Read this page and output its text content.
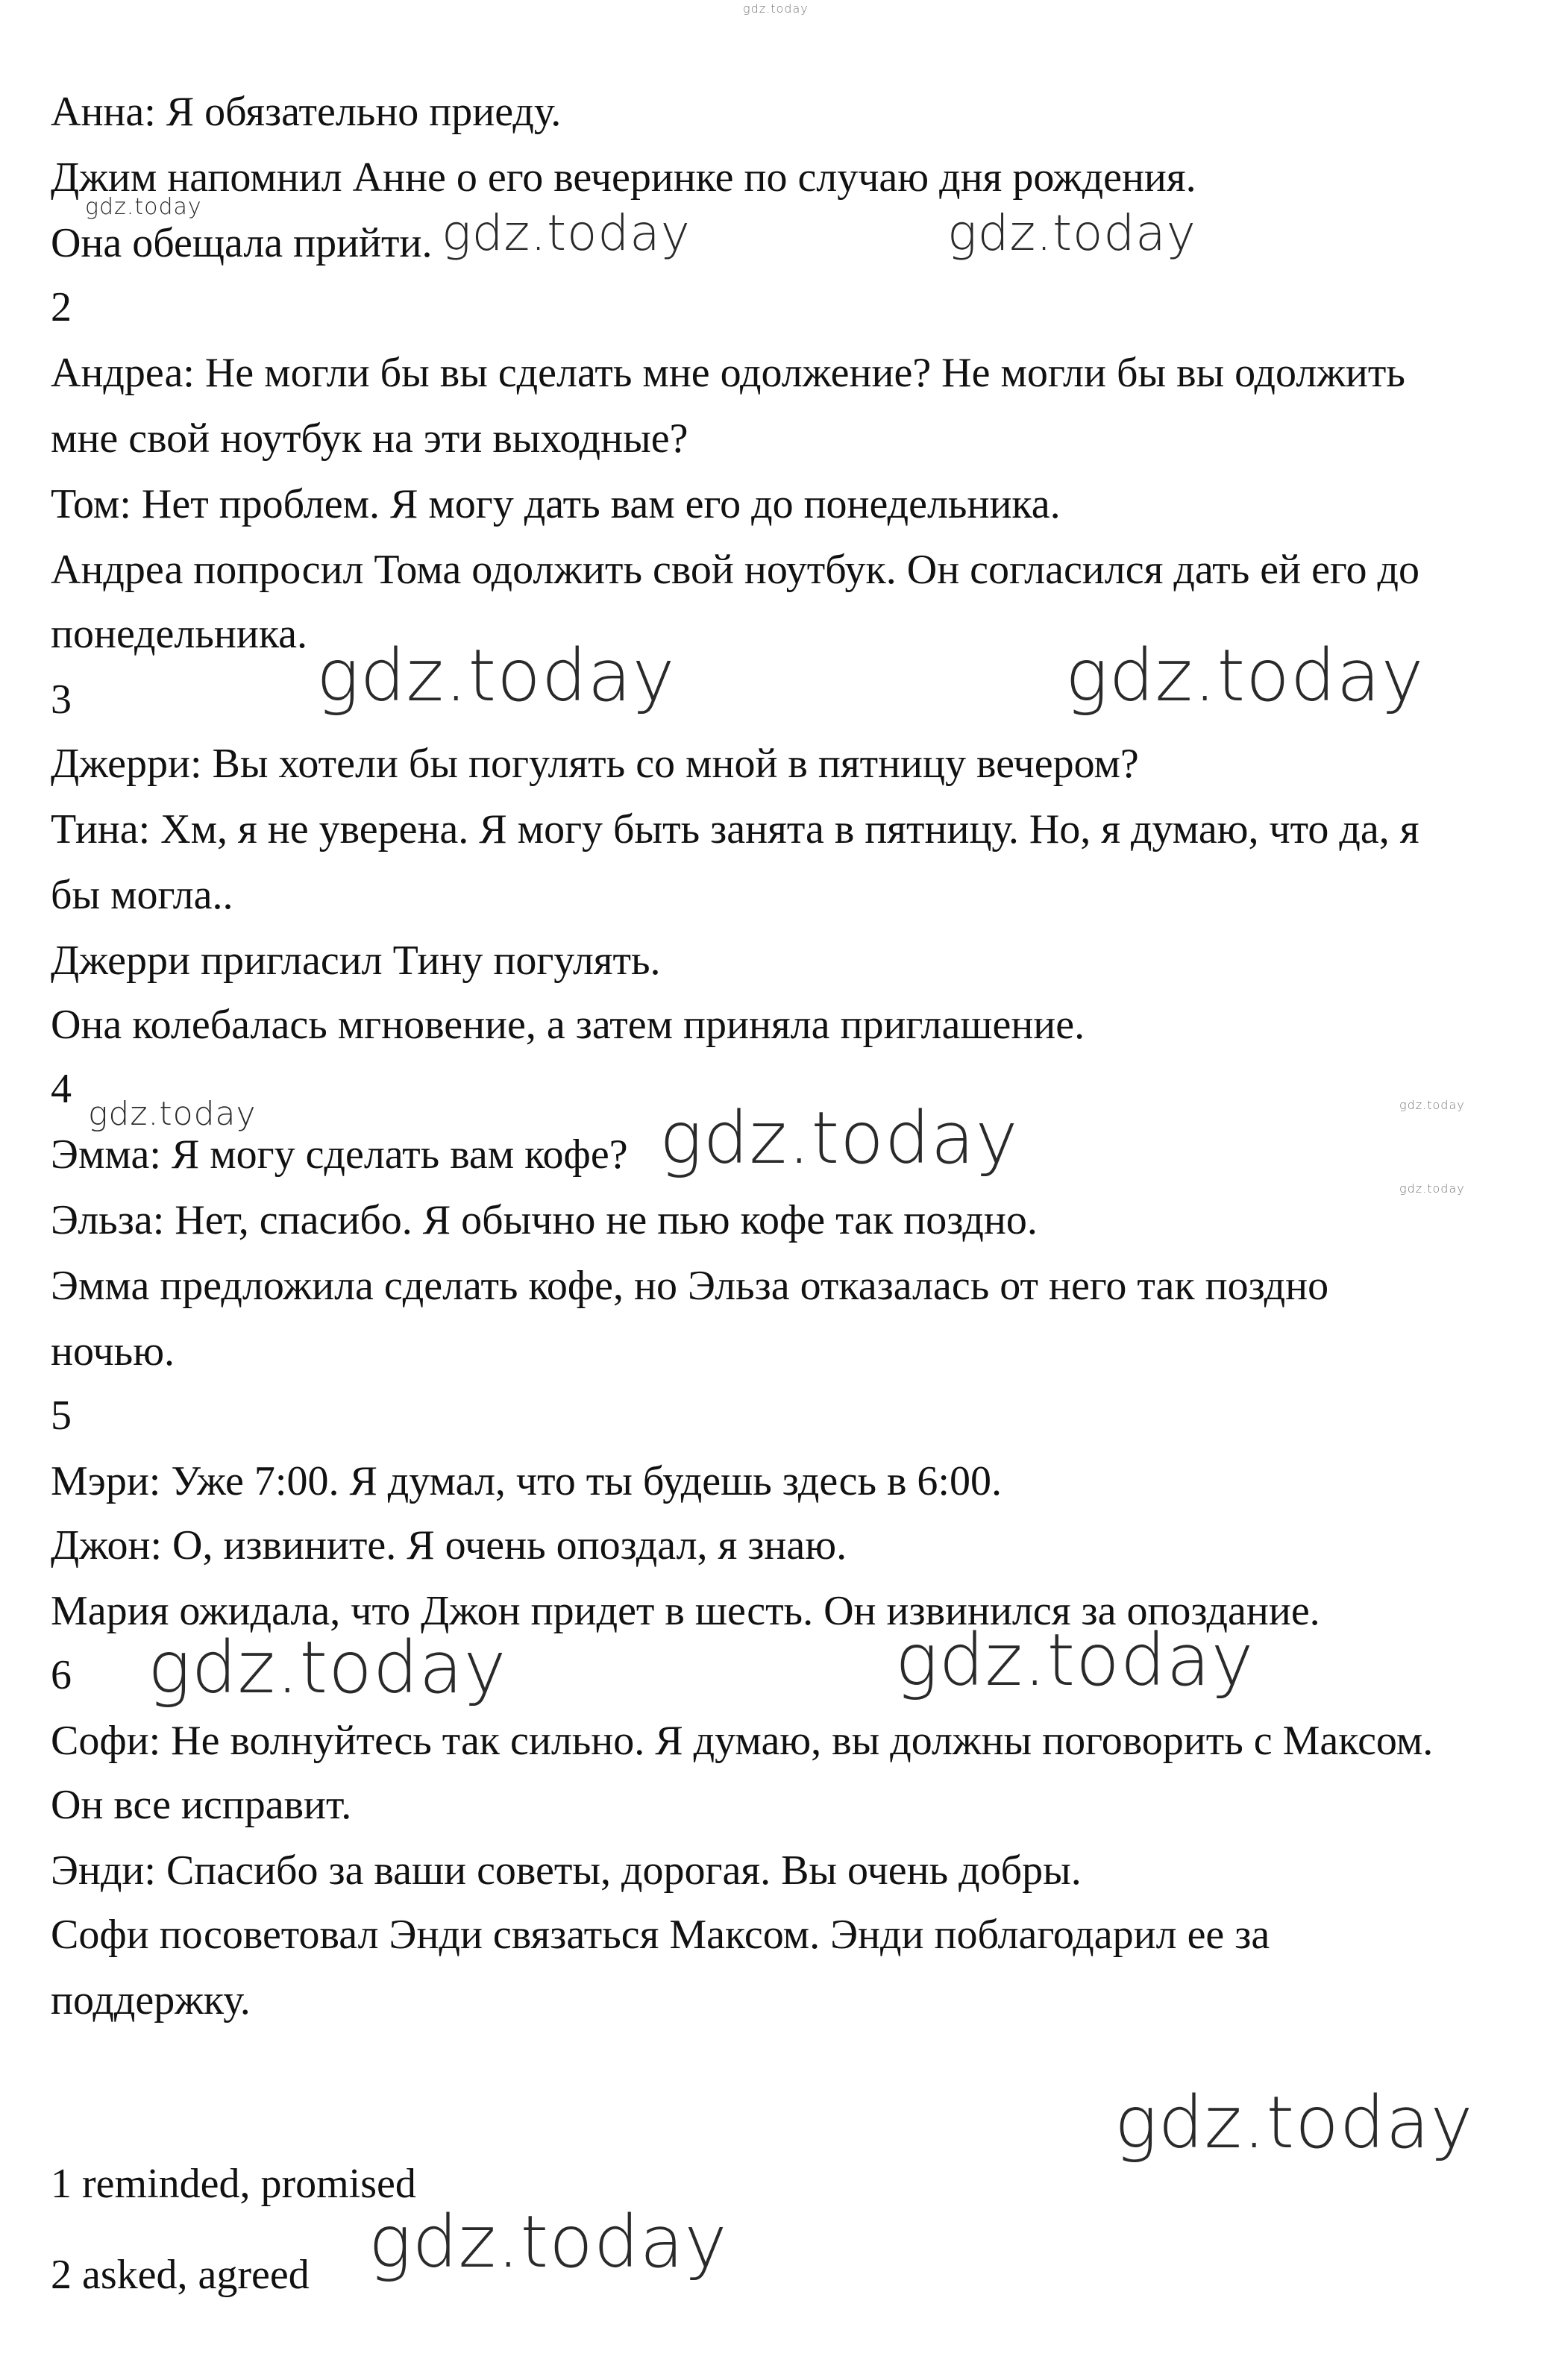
gdz.today
gdz.today	gdz.today	gdz.today
gdz.today	gdz.today
gdz.today	gdz.today	gdz.today
gdz.today
gdz.today	gdz.today
gdz.today
gdz.today
Анна: Я обязательно приеду.
Джим напомнил Анне о его вечеринке по случаю дня рождения.
Она обещала прийти.
2
Андреа: Не могли бы вы сделать мне одолжение? Не могли бы вы одолжить
мне свой ноутбук на эти выходные?
Том: Нет проблем. Я могу дать вам его до понедельника.
Андреа попросил Тома одолжить свой ноутбук. Он согласился дать ей его до
понедельника.
3
Джерри: Вы хотели бы погулять со мной в пятницу вечером?
Тина: Хм, я не уверена. Я могу быть занята в пятницу. Но, я думаю, что да, я
бы могла..
Джерри пригласил Тину погулять.
Она колебалась мгновение, а затем приняла приглашение.
4
Эмма: Я могу сделать вам кофе?
Эльза: Нет, спасибо. Я обычно не пью кофе так поздно.
Эмма предложила сделать кофе, но Эльза отказалась от него так поздно
ночью.
5
Мэри: Уже 7:00. Я думал, что ты будешь здесь в 6:00.
Джон: О, извините. Я очень опоздал, я знаю.
Мария ожидала, что Джон придет в шесть. Он извинился за опоздание.
6
Софи: Не волнуйтесь так сильно. Я думаю, вы должны поговорить с Максом.
Он все исправит.
Энди: Спасибо за ваши советы, дорогая. Вы очень добры.
Софи посоветовал Энди связаться Максом. Энди поблагодарил ее за
поддержку.
1 reminded, promised
2 asked, agreed
